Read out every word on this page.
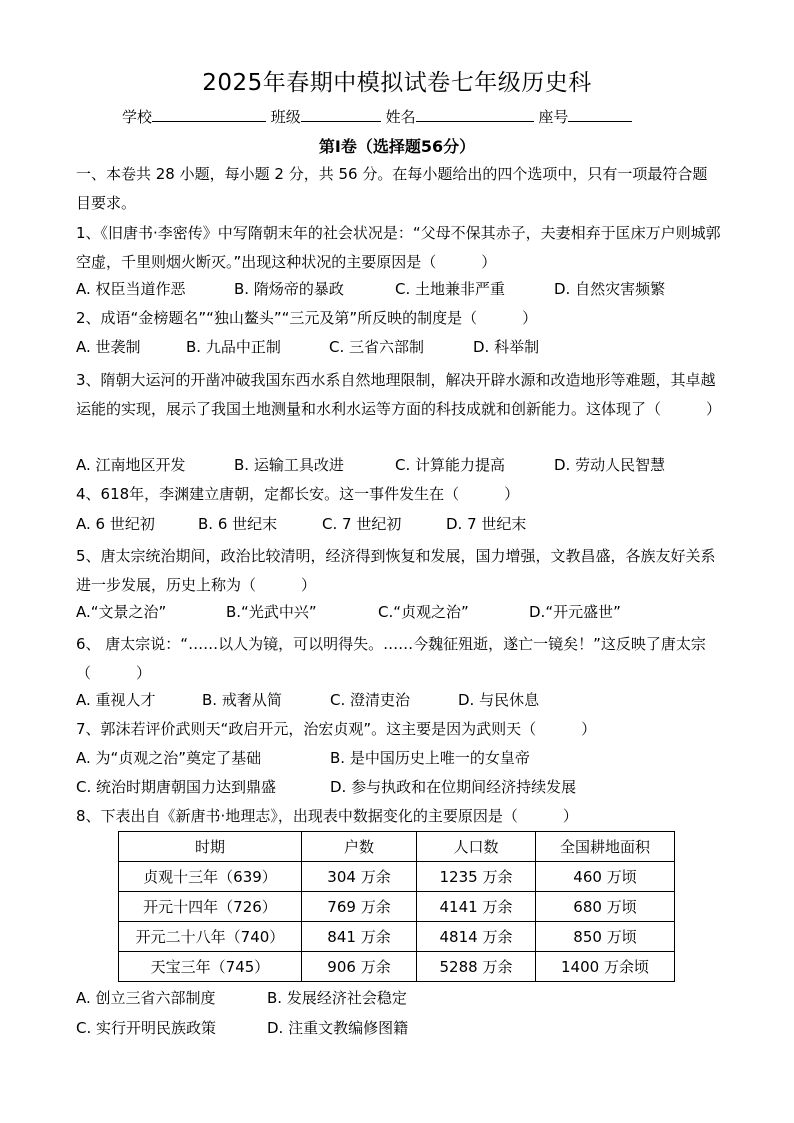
2025年春期中模拟试卷七年级历史科
学校	班级	姓名	座号
第Ⅰ卷（选择题56分）
一、本卷共 28 小题，每小题 2 分，共 56 分。在每小题给出的四个选项中，只有一项最符合题目要求。
1、《旧唐书·李密传》中写隋朝末年的社会状况是：“父母不保其赤子，夫妻相弃于匡床万户则城郭空虚，千里则烟火断灭。”出现这种状况的主要原因是（　　　）
A. 权臣当道作恶	B. 隋炀帝的暴政	C. 土地兼非严重	D. 自然灾害频繁
2、成语“金榜题名”“独山鳌头”“三元及第”所反映的制度是（　　　）
A. 世袭制	B. 九品中正制	C. 三省六部制	D. 科举制
3、隋朝大运河的开凿冲破我国东西水系自然地理限制，解决开辟水源和改造地形等难题，其卓越运能的实现，展示了我国土地测量和水利水运等方面的科技成就和创新能力。这体现了（　　　）
A. 江南地区开发	B. 运输工具改进	C. 计算能力提高	D. 劳动人民智慧
4、618年，李渊建立唐朝，定都长安。这一事件发生在（　　　）
A. 6 世纪初	B. 6 世纪末	C. 7 世纪初	D. 7 世纪末
5、唐太宗统治期间，政治比较清明，经济得到恢复和发展，国力增强，文教昌盛，各族友好关系进一步发展，历史上称为（　　　）
A.“文景之治”	B.“光武中兴”	C.“贞观之治”	D.“开元盛世”
6、 唐太宗说：“……以人为镜，可以明得失。……今魏征殂逝，遂亡一镜矣！”这反映了唐太宗（　　　）
A. 重视人才	B. 戒奢从简	C. 澄清吏治	D. 与民休息
7、郭沫若评价武则天“政启开元，治宏贞观”。这主要是因为武则天（　　　）
A. 为“贞观之治”奠定了基础	B. 是中国历史上唯一的女皇帝
C. 统治时期唐朝国力达到鼎盛	D. 参与执政和在位期间经济持续发展
8、下表出自《新唐书·地理志》，出现表中数据变化的主要原因是（　　　）
时期	户数	人口数	全国耕地面积
贞观十三年（639）	304 万余	1235 万余	460 万顷
开元十四年（726）	769 万余	4141 万余	680 万顷
开元二十八年（740）	841 万余	4814 万余	850 万顷
天宝三年（745）	906 万余	5288 万余	1400 万余顷
A. 创立三省六部制度	B. 发展经济社会稳定
C. 实行开明民族政策	D. 注重文教编修图籍
